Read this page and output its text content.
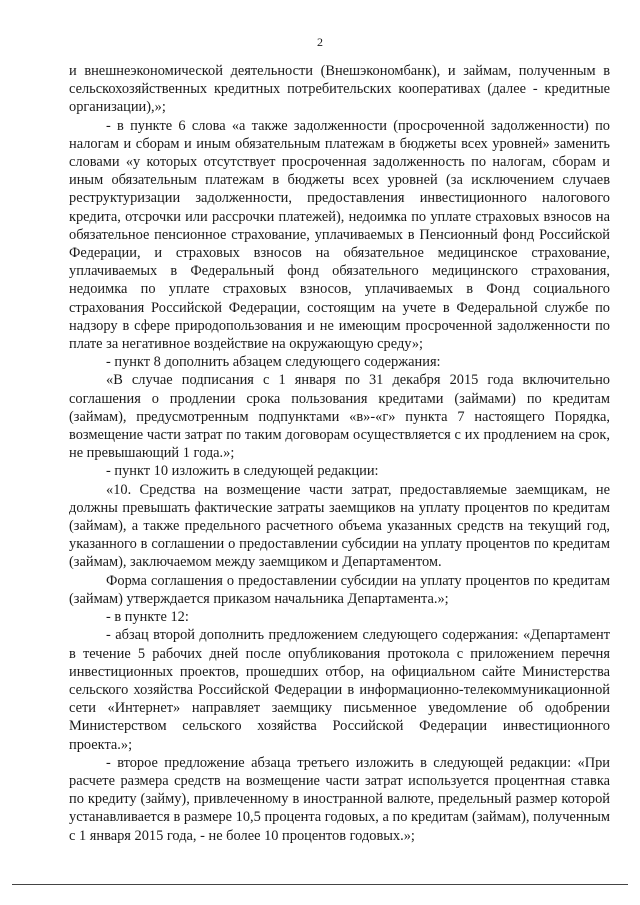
2

и внешнеэкономической деятельности (Внешэкономбанк), и займам, полученным в сельскохозяйственных кредитных потребительских кооперативах (далее - кредитные организации),»;

- в пункте 6 слова «а также задолженности (просроченной задолженности) по налогам и сборам и иным обязательным платежам в бюджеты всех уровней» заменить словами «у которых отсутствует просроченная задолженность по налогам, сборам и иным обязательным платежам в бюджеты всех уровней (за исключением случаев реструктуризации задолженности, предоставления инвестиционного налогового кредита, отсрочки или рассрочки платежей), недоимка по уплате страховых взносов на обязательное пенсионное страхование, уплачиваемых в Пенсионный фонд Российской Федерации, и страховых взносов на обязательное медицинское страхование, уплачиваемых в Федеральный фонд обязательного медицинского страхования, недоимка по уплате страховых взносов, уплачиваемых в Фонд социального страхования Российской Федерации, состоящим на учете в Федеральной службе по надзору в сфере природопользования и не имеющим просроченной задолженности по плате за негативное воздействие на окружающую среду»;

- пункт 8 дополнить абзацем следующего содержания:

«В случае подписания с 1 января по 31 декабря 2015 года включительно соглашения о продлении срока пользования кредитами (займами) по кредитам (займам), предусмотренным подпунктами «в»-«г» пункта 7 настоящего Порядка, возмещение части затрат по таким договорам осуществляется с их продлением на срок, не превышающий 1 года.»;

- пункт 10 изложить в следующей редакции:

«10. Средства на возмещение части затрат, предоставляемые заемщикам, не должны превышать фактические затраты заемщиков на уплату процентов по кредитам (займам), а также предельного расчетного объема указанных средств на текущий год, указанного в соглашении о предоставлении субсидии на уплату процентов по кредитам (займам), заключаемом между заемщиком и Департаментом.

Форма соглашения о предоставлении субсидии на уплату процентов по кредитам (займам) утверждается приказом начальника Департамента.»;

- в пункте 12:

- абзац второй дополнить предложением следующего содержания: «Департамент в течение 5 рабочих дней после опубликования протокола с приложением перечня инвестиционных проектов, прошедших отбор, на официальном сайте Министерства сельского хозяйства Российской Федерации в информационно-телекоммуникационной сети «Интернет» направляет заемщику письменное уведомление об одобрении Министерством сельского хозяйства Российской Федерации инвестиционного проекта.»;

- второе предложение абзаца третьего изложить в следующей редакции: «При расчете размера средств на возмещение части затрат используется процентная ставка по кредиту (займу), привлеченному в иностранной валюте, предельный размер которой устанавливается в размере 10,5 процента годовых, а по кредитам (займам), полученным с 1 января 2015 года, - не более 10 процентов годовых.»;
